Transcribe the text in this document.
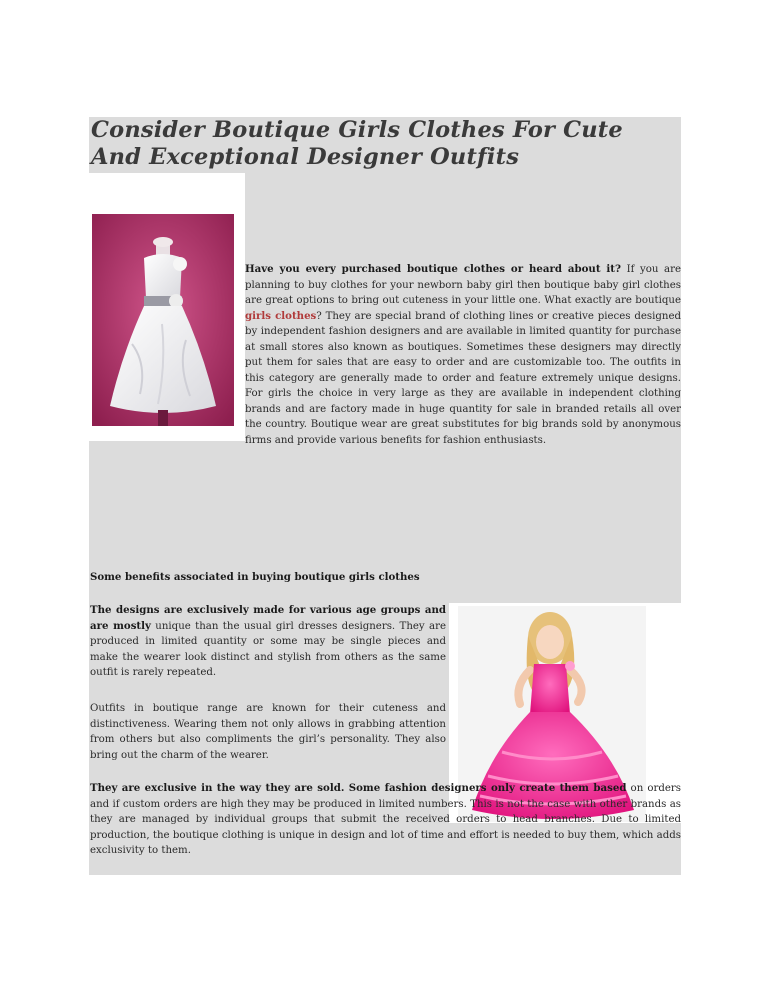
Consider Boutique Girls Clothes For Cute And Exceptional Designer Outfits
Have you every purchased boutique clothes or heard about it? If you are planning to buy clothes for your newborn baby girl then boutique baby girl clothes are great options to bring out cuteness in your little one. What exactly are boutique girls clothes? They are special brand of clothing lines or creative pieces designed by independent fashion designers and are available in limited quantity for purchase at small stores also known as boutiques. Sometimes these designers may directly put them for sales that are easy to order and are customizable too. The outfits in this category are generally made to order and feature extremely unique designs. For girls the choice in very large as they are available in independent clothing brands and are factory made in huge quantity for sale in branded retails all over the country. Boutique wear are great substitutes for big brands sold by anonymous firms and provide various benefits for fashion enthusiasts.
Some benefits associated in buying boutique girls clothes
The designs are exclusively made for various age groups and are mostly unique than the usual girl dresses designers. They are produced in limited quantity or some may be single pieces and make the wearer look distinct and stylish from others as the same outfit is rarely repeated.
Outfits in boutique range are known for their cuteness and distinctiveness. Wearing them not only allows in grabbing attention from others but also compliments the girl’s personality. They also bring out the charm of the wearer.
They are exclusive in the way they are sold. Some fashion designers only create them based on orders and if custom orders are high they may be produced in limited numbers. This is not the case with other brands as they are managed by individual groups that submit the received orders to head branches. Due to limited production, the boutique clothing is unique in design and lot of time and effort is needed to buy them, which adds exclusivity to them.
